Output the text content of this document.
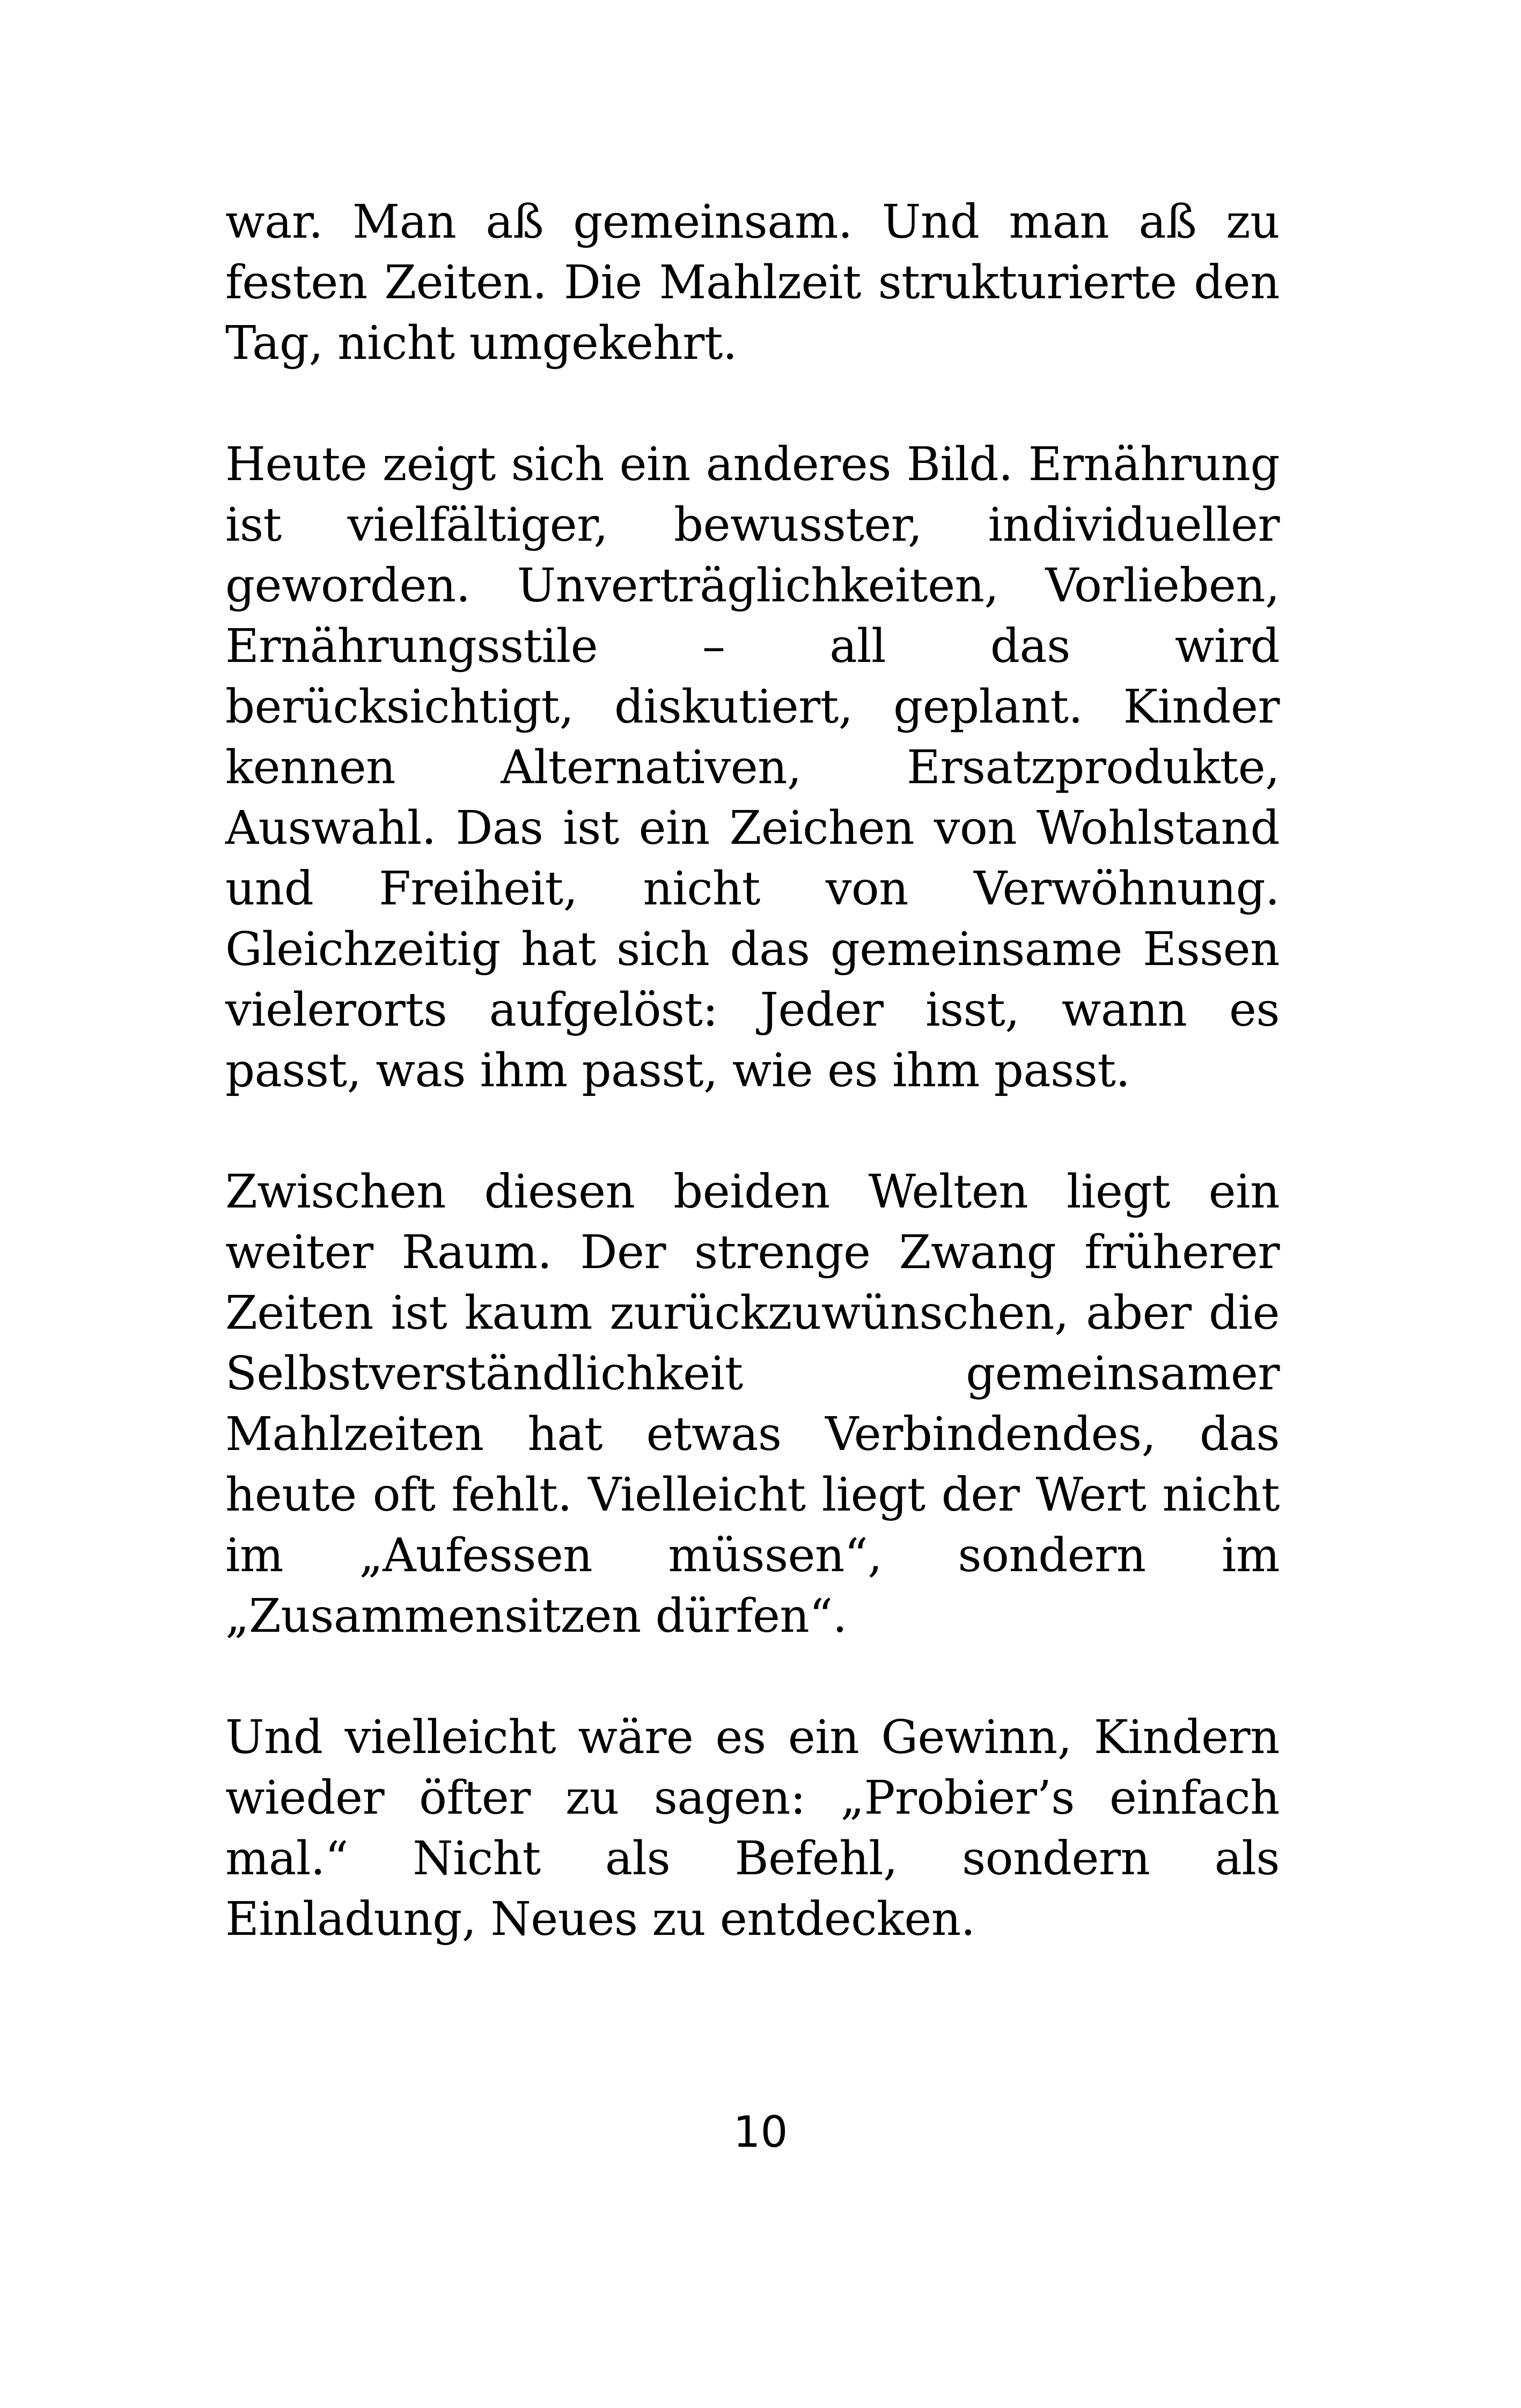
war. Man aß gemeinsam. Und man aß zu festen Zeiten. Die Mahlzeit strukturierte den Tag, nicht umgekehrt.

Heute zeigt sich ein anderes Bild. Ernährung ist vielfältiger, bewusster, individueller geworden. Unverträglichkeiten, Vorlieben, Ernährungsstile – all das wird berücksichtigt, diskutiert, geplant. Kinder kennen Alternativen, Ersatzprodukte, Auswahl. Das ist ein Zeichen von Wohlstand und Freiheit, nicht von Verwöhnung. Gleichzeitig hat sich das gemeinsame Essen vielerorts aufgelöst: Jeder isst, wann es passt, was ihm passt, wie es ihm passt.

Zwischen diesen beiden Welten liegt ein weiter Raum. Der strenge Zwang früherer Zeiten ist kaum zurückzuwünschen, aber die Selbstverständlichkeit gemeinsamer Mahlzeiten hat etwas Verbindendes, das heute oft fehlt. Vielleicht liegt der Wert nicht im „Aufessen müssen“, sondern im „Zusammensitzen dürfen“.

Und vielleicht wäre es ein Gewinn, Kindern wieder öfter zu sagen: „Probier’s einfach mal.“ Nicht als Befehl, sondern als Einladung, Neues zu entdecken.

10
